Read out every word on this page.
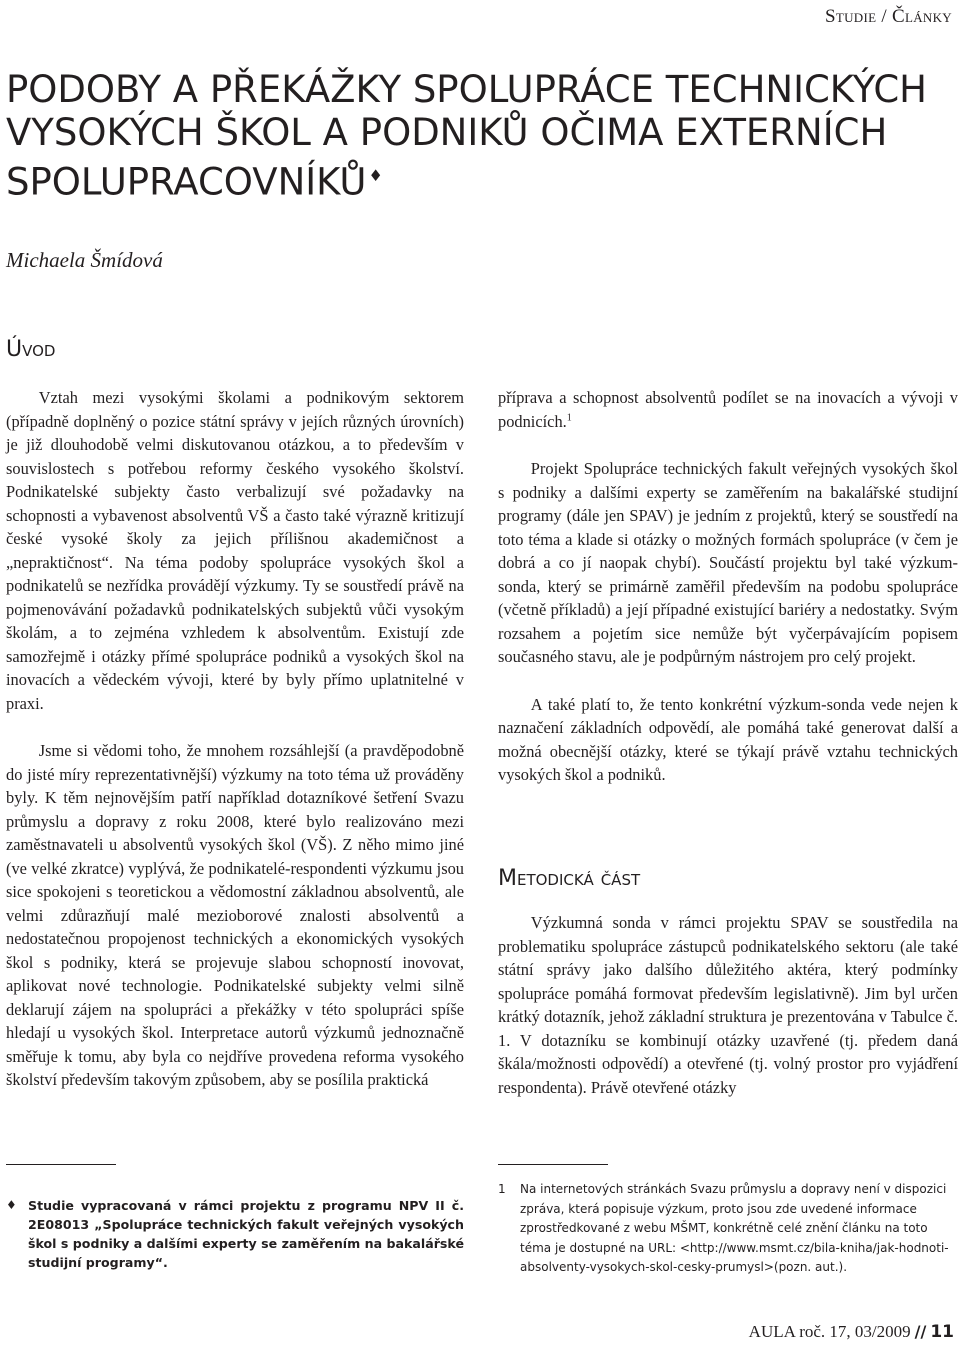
Studie / Články
PODOBY A PŘEKÁŽKY SPOLUPRÁCE TECHNICKÝCH VYSOKÝCH ŠKOL A PODNIKŮ OČIMA EXTERNÍCH SPOLUPRACOVNÍKŮ ♦
Michaela Šmídová
Úvod

Vztah mezi vysokými školami a podnikovým sektorem (případně doplněný o pozice státní správy v jejích různých úrovních) je již dlouhodobě velmi diskutovanou otázkou, a to především v souvislostech s potřebou reformy českého vysokého školství. Podnikatelské subjekty často verbalizují své požadavky na schopnosti a vybavenost absolventů VŠ a často také výrazně kritizují české vysoké školy za jejich přílišnou akademičnost a „nepraktičnost“. Na téma podoby spolupráce vysokých škol a podnikatelů se nezřídka provádějí výzkumy. Ty se soustředí právě na pojmenovávání požadavků podnikatelských subjektů vůči vysokým školám, a to zejména vzhledem k absolventům. Existují zde samozřejmě i otázky přímé spolupráce podniků a vysokých škol na inovacích a vědeckém vývoji, které by byly přímo uplatnitelné v praxi.

Jsme si vědomi toho, že mnohem rozsáhlejší (a pravděpodobně do jisté míry reprezentativnější) výzkumy na toto téma už prováděny byly. K těm nejnovějším patří například dotazníkové šetření Svazu průmyslu a dopravy z roku 2008, které bylo realizováno mezi zaměstnavateli u absolventů vysokých škol (VŠ). Z něho mimo jiné (ve velké zkratce) vyplývá, že podnikatelé-respondenti výzkumu jsou sice spokojeni s teoretickou a vědomostní základnou absolventů, ale velmi zdůrazňují malé mezioborové znalosti absolventů a nedostatečnou propojenost technických a ekonomických vysokých škol s podniky, která se projevuje slabou schopností inovovat, aplikovat nové technologie. Podnikatelské subjekty velmi silně deklarují zájem na spolupráci a překážky v této spolupráci spíše hledají u vysokých škol. Interpretace autorů výzkumů jednoznačně směřuje k tomu, aby byla co nejdříve provedena reforma vysokého školství především takovým způsobem, aby se posílila praktická

příprava a schopnost absolventů podílet se na inovacích a vývoji v podnicích.$^1$

Projekt Spolupráce technických fakult veřejných vysokých škol s podniky a dalšími experty se zaměřením na bakalářské studijní programy (dále jen SPAV) je jedním z projektů, který se soustředí na toto téma a klade si otázky o možných formách spolupráce (v čem je dobrá a co jí naopak chybí). Součástí projektu byl také výzkum-sonda, který se primárně zaměřil především na podobu spolupráce (včetně příkladů) a její případné existující bariéry a nedostatky. Svým rozsahem a pojetím sice nemůže být vyčerpávajícím popisem současného stavu, ale je podpůrným nástrojem pro celý projekt.

A také platí to, že tento konkrétní výzkum-sonda vede nejen k naznačení základních odpovědí, ale pomáhá také generovat další a možná obecnější otázky, které se týkají právě vztahu technických vysokých škol a podniků.

Metodická část

Výzkumná sonda v rámci projektu SPAV se soustředila na problematiku spolupráce zástupců podnikatelského sektoru (ale také státní správy jako dalšího důležitého aktéra, který podmínky spolupráce pomáhá formovat především legislativně). Jim byl určen krátký dotazník, jehož základní struktura je prezentována v Tabulce č. 1. V dotazníku se kombinují otázky uzavřené (tj. předem daná škála/možnosti odpovědí) a otevřené (tj. volný prostor pro vyjádření respondenta). Právě otevřené otázky

♦ Studie vypracovaná v rámci projektu z programu NPV II č. 2E08013 „Spolupráce technických fakult veřejných vysokých škol s podniky a dalšími experty se zaměřením na bakalářské studijní programy“.
1	Na internetových stránkách Svazu průmyslu a dopravy není v dispozici zpráva, která popisuje výzkum, proto jsou zde uvedené informace zprostředkované z webu MŠMT, konkrétně celé znění článku na toto téma je dostupné na URL: <http://www.msmt.cz/bila-kniha/jak-hodnoti-absolventy-vysokych-skol-cesky-prumysl>(pozn. aut.).
AULA roč. 17, 03/2009 // 11
